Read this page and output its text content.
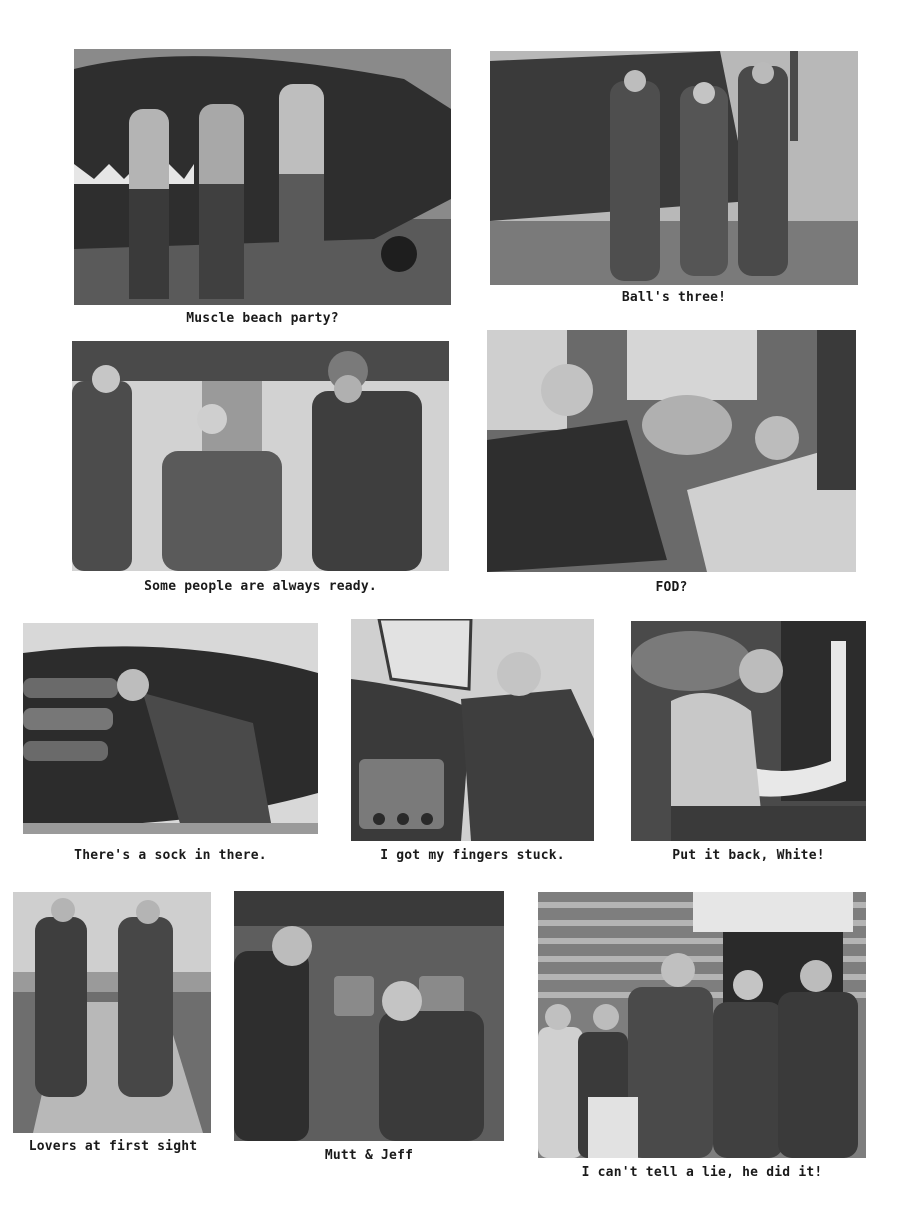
Muscle beach party?
Ball's three!
Some people are always ready.	FOD?
There's a sock in there.	I got my fingers stuck.	Put it back, White!
Lovers at first sight
Mutt & Jeff
I can't tell a lie, he did it!
